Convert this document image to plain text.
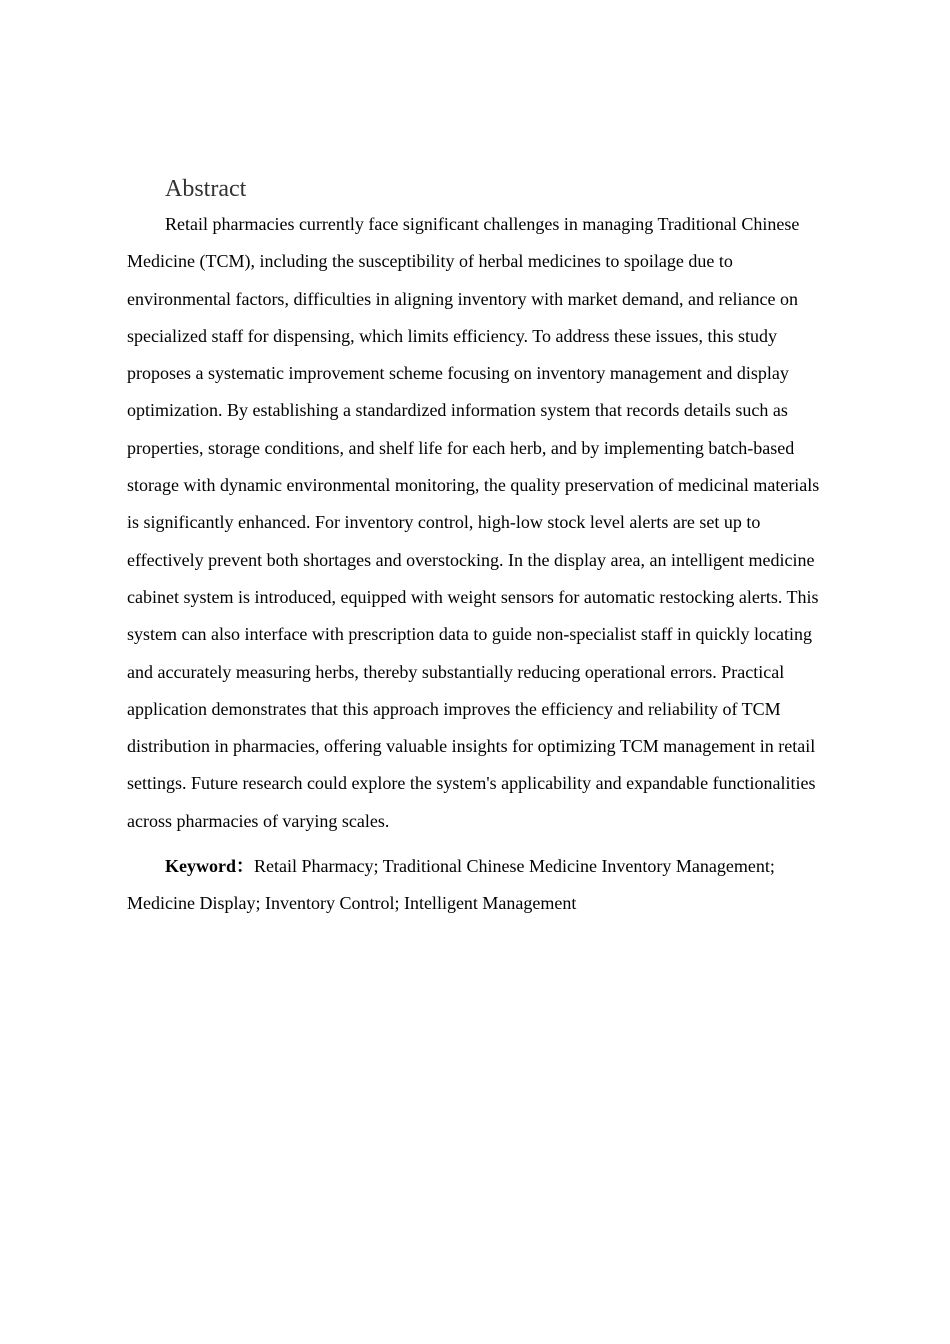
Abstract

Retail pharmacies currently face significant challenges in managing Traditional Chinese Medicine (TCM), including the susceptibility of herbal medicines to spoilage due to environmental factors, difficulties in aligning inventory with market demand, and reliance on specialized staff for dispensing, which limits efficiency. To address these issues, this study proposes a systematic improvement scheme focusing on inventory management and display optimization. By establishing a standardized information system that records details such as properties, storage conditions, and shelf life for each herb, and by implementing batch-based storage with dynamic environmental monitoring, the quality preservation of medicinal materials is significantly enhanced. For inventory control, high-low stock level alerts are set up to effectively prevent both shortages and overstocking. In the display area, an intelligent medicine cabinet system is introduced, equipped with weight sensors for automatic restocking alerts. This system can also interface with prescription data to guide non-specialist staff in quickly locating and accurately measuring herbs, thereby substantially reducing operational errors. Practical application demonstrates that this approach improves the efficiency and reliability of TCM distribution in pharmacies, offering valuable insights for optimizing TCM management in retail settings. Future research could explore the system's applicability and expandable functionalities across pharmacies of varying scales.

Keyword：Retail Pharmacy; Traditional Chinese Medicine Inventory Management; Medicine Display; Inventory Control; Intelligent Management
